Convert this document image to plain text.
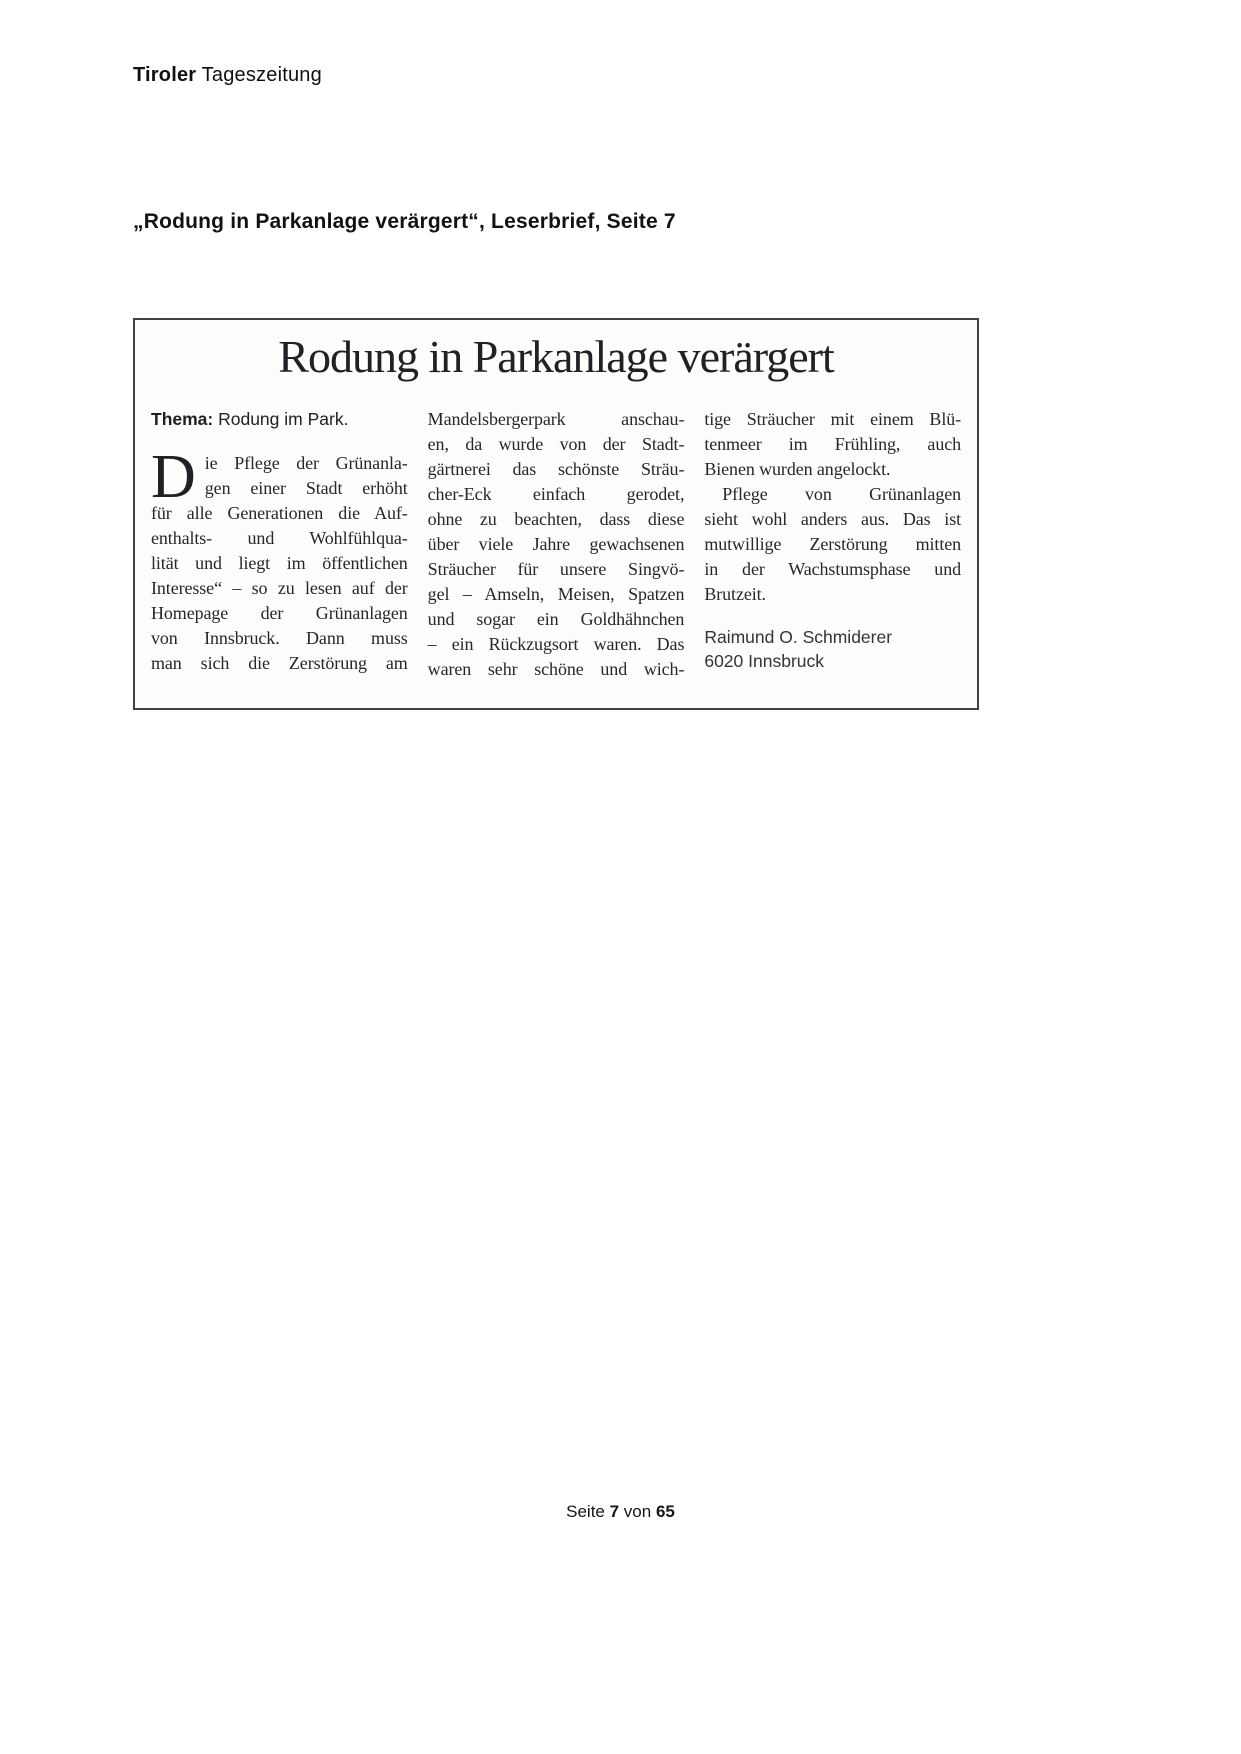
Tiroler Tageszeitung
„Rodung in Parkanlage verärgert“, Leserbrief, Seite 7
Rodung in Parkanlage verärgert
Thema: Rodung im Park.
D ie Pflege der Grünanla-
gen einer Stadt erhöht
für alle Generationen die Auf-
enthalts- und Wohlfühlqua-
lität und liegt im öffentlichen
Interesse“ – so zu lesen auf der
Homepage der Grünanlagen
von Innsbruck. Dann muss
man sich die Zerstörung am
Mandelsbergerpark anschau-
en, da wurde von der Stadt-
gärtnerei das schönste Sträu-
cher-Eck einfach gerodet,
ohne zu beachten, dass diese
über viele Jahre gewachsenen
Sträucher für unsere Singvö-
gel – Amseln, Meisen, Spatzen
und sogar ein Goldhähnchen
– ein Rückzugsort waren. Das
waren sehr schöne und wich-
tige Sträucher mit einem Blü-
tenmeer im Frühling, auch
Bienen wurden angelockt.
 Pflege von Grünanlagen
sieht wohl anders aus. Das ist
mutwillige Zerstörung mitten
in der Wachstumsphase und
Brutzeit.
Raimund O. Schmiderer
6020 Innsbruck
Seite 7 von 65
